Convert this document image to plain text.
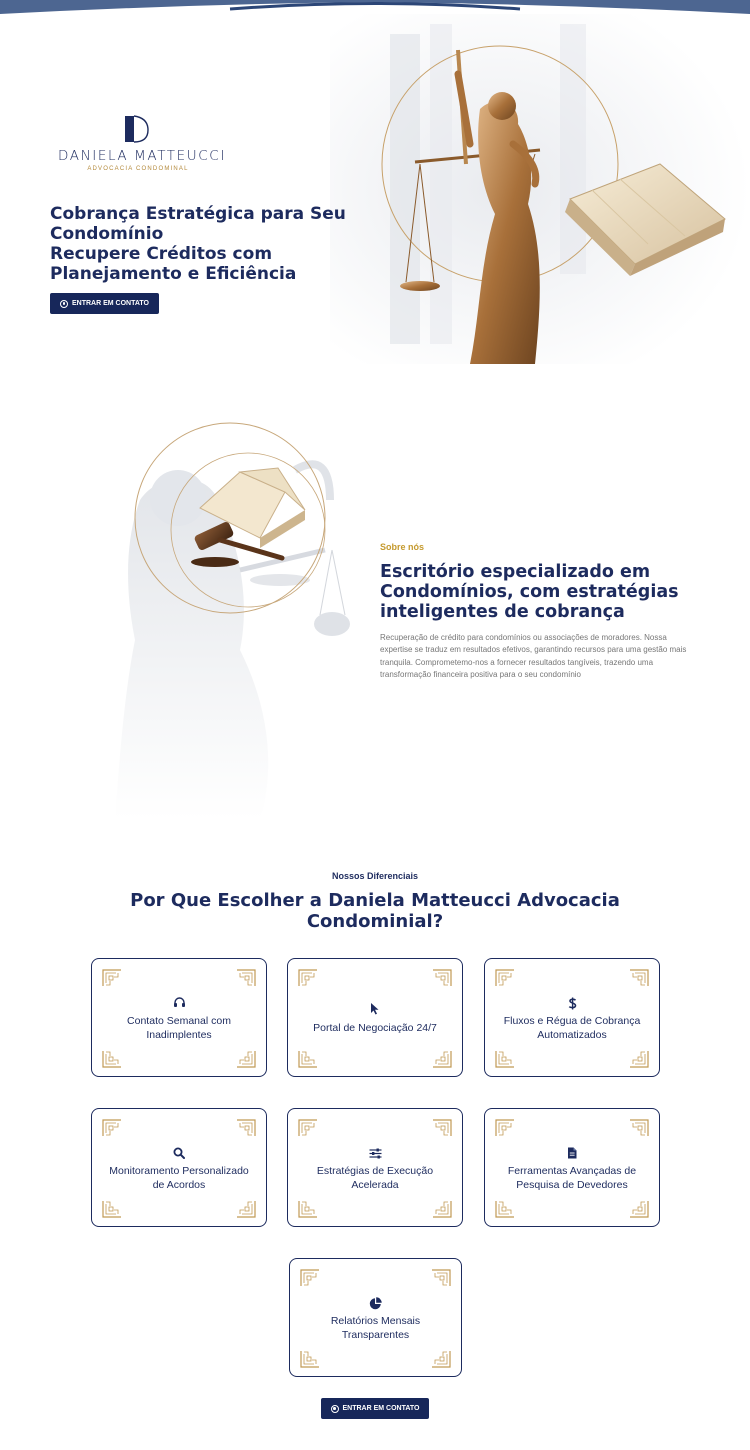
DANIELA MATTEUCCI
ADVOCACIA CONDOMINAL
Cobrança Estratégica para Seu
Condomínio
Recupere Créditos com
Planejamento e Eficiência
ENTRAR EM CONTATO
Sobre nós
Escritório especializado em
Condomínios, com estratégias
inteligentes de cobrança

Recuperação de crédito para condomínios ou associações de moradores. Nossa expertise se traduz em resultados efetivos, garantindo recursos para uma gestão mais tranquila. Comprometemo-nos a fornecer resultados tangíveis, trazendo uma transformação financeira positiva para o seu condomínio

Nossos Diferenciais
Por Que Escolher a Daniela Matteucci Advocacia
Condominial?
Contato Semanal com
Inadimplentes
Portal de Negociação 24/7
Fluxos e Régua de Cobrança
Automatizados
Monitoramento Personalizado
de Acordos
Estratégias de Execução
Acelerada
Ferramentas Avançadas de
Pesquisa de Devedores
Relatórios Mensais
Transparentes
ENTRAR EM CONTATO
